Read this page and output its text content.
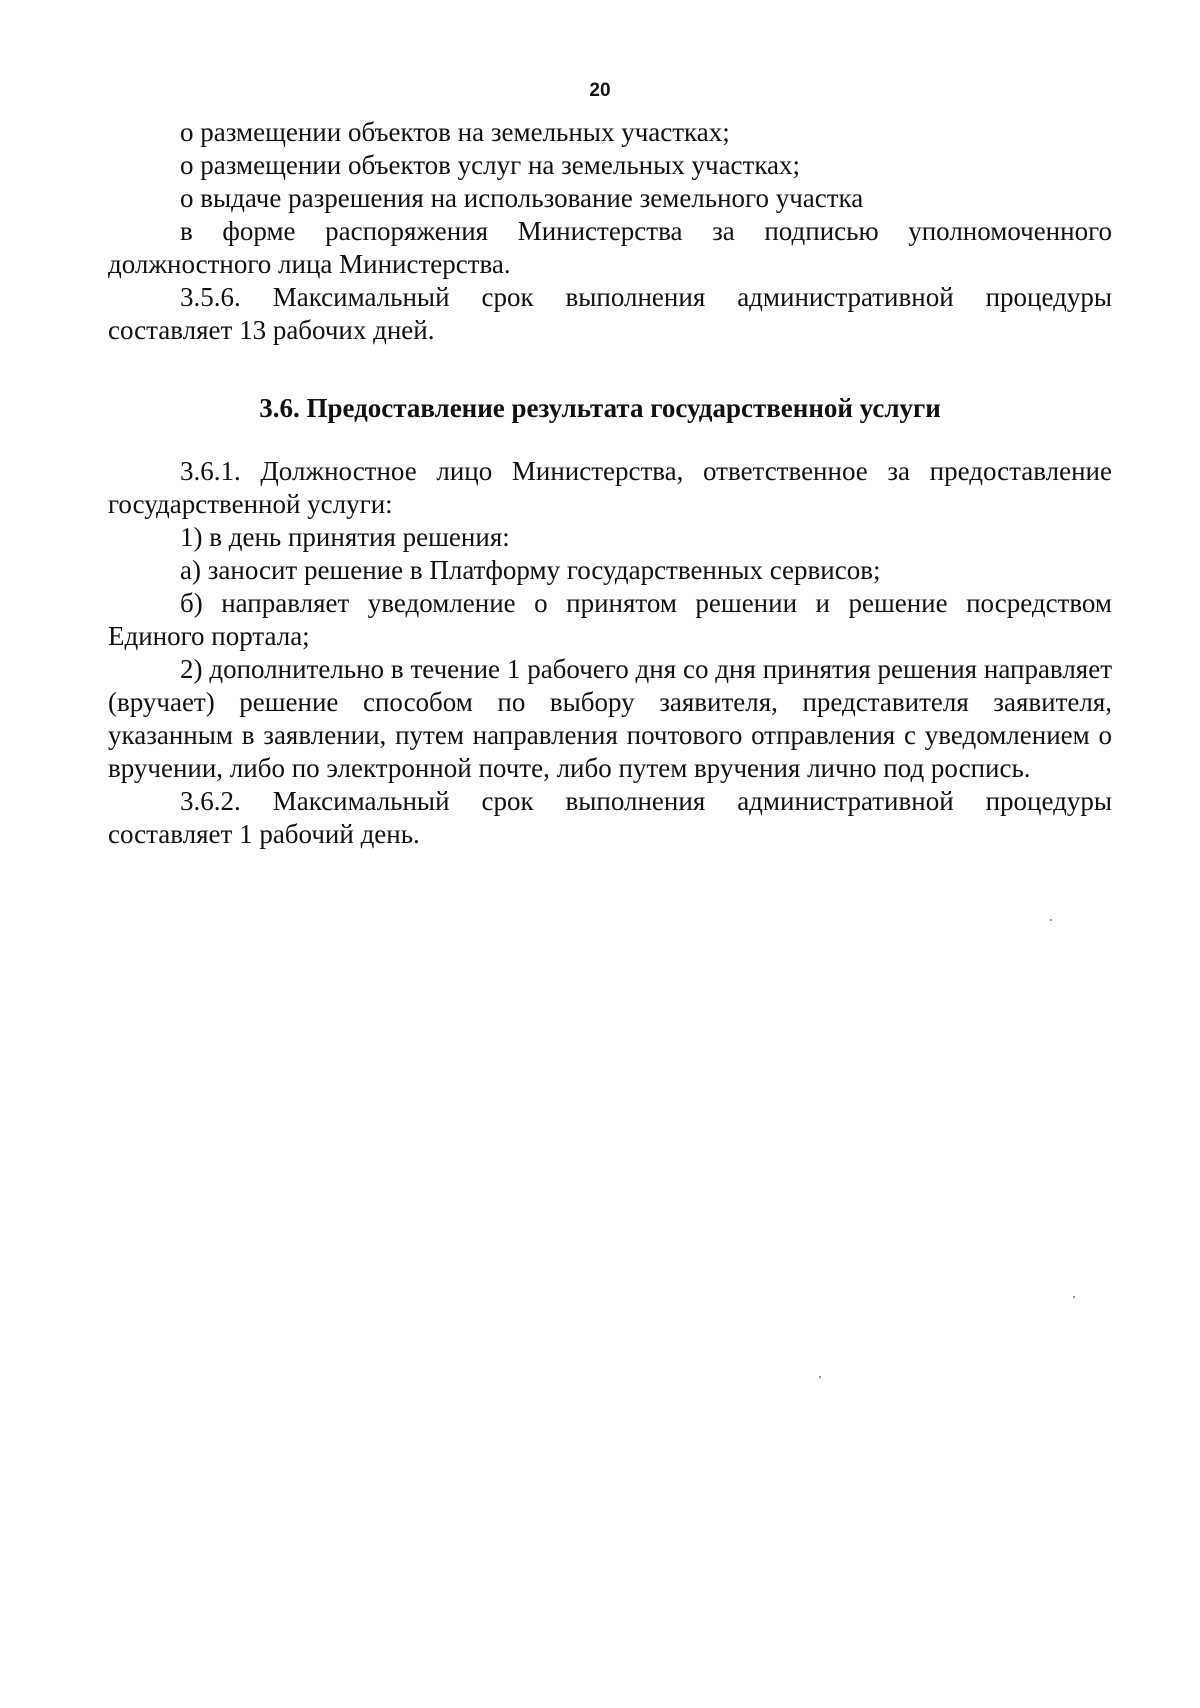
20

о размещении объектов на земельных участках;

о размещении объектов услуг на земельных участках;

о выдаче разрешения на использование земельного участка

в форме распоряжения Министерства за подписью уполномоченного должностного лица Министерства.

3.5.6. Максимальный срок выполнения административной процедуры составляет 13 рабочих дней.

3.6. Предоставление результата государственной услуги

3.6.1. Должностное лицо Министерства, ответственное за предоставление государственной услуги:

1) в день принятия решения:

а) заносит решение в Платформу государственных сервисов;

б) направляет уведомление о принятом решении и решение посредством Единого портала;

2) дополнительно в течение 1 рабочего дня со дня принятия решения направляет (вручает) решение способом по выбору заявителя, представителя заявителя, указанным в заявлении, путем направления почтового отправления с уведомлением о вручении, либо по электронной почте, либо путем вручения лично под роспись.

3.6.2. Максимальный срок выполнения административной процедуры составляет 1 рабочий день.
